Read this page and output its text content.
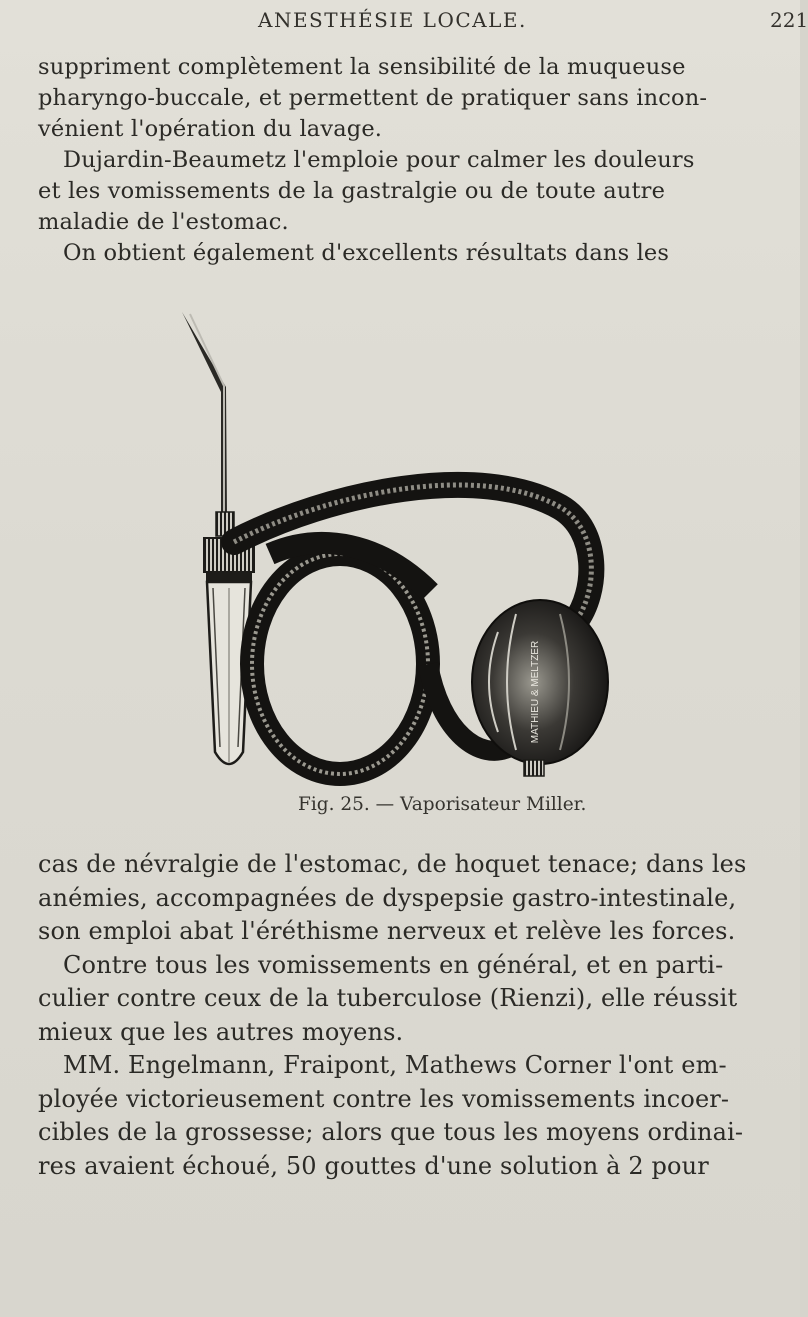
ANESTHÉSIE LOCALE.	221
suppriment complètement la sensibilité de la muqueuse
pharyngo-buccale, et permettent de pratiquer sans incon-
vénient l'opération du lavage.
Dujardin-Beaumetz l'emploie pour calmer les douleurs
et les vomissements de la gastralgie ou de toute autre
maladie de l'estomac.
On obtient également d'excellents résultats dans les
MATHIEU & MELTZER
Fig. 25. — Vaporisateur Miller.
cas de névralgie de l'estomac, de hoquet tenace; dans les
anémies, accompagnées de dyspepsie gastro-intestinale,
son emploi abat l'éréthisme nerveux et relève les forces.
Contre tous les vomissements en général, et en parti-
culier contre ceux de la tuberculose (Rienzi), elle réussit
mieux que les autres moyens.
MM. Engelmann, Fraipont, Mathews Corner l'ont em-
ployée victorieusement contre les vomissements incoer-
cibles de la grossesse; alors que tous les moyens ordinai-
res avaient échoué, 50 gouttes d'une solution à 2 pour
